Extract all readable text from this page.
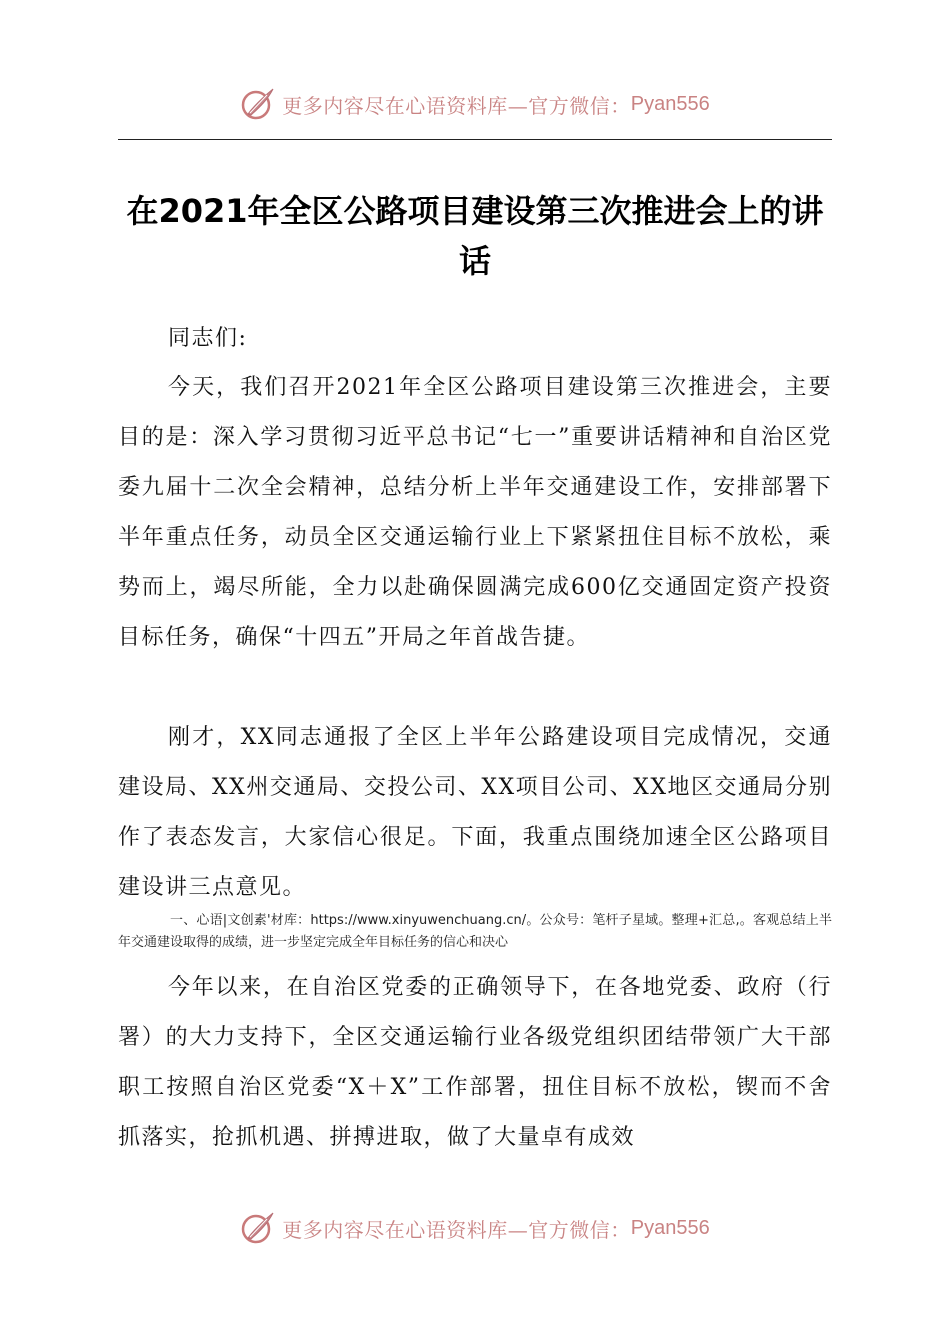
更多内容尽在心语资料库—官方微信： Pyan556
在2021年全区公路项目建设第三次推进会上的讲话

同志们:

今天，我们召开2021年全区公路项目建设第三次推进会，主要目的是：深入学习贯彻习近平总书记“七一”重要讲话精神和自治区党委九届十二次全会精神，总结分析上半年交通建设工作，安排部署下半年重点任务，动员全区交通运输行业上下紧紧扭住目标不放松，乘势而上，竭尽所能，全力以赴确保圆满完成600亿交通固定资产投资目标任务，确保“十四五”开局之年首战告捷。

刚才，XX同志通报了全区上半年公路建设项目完成情况，交通建设局、XX州交通局、交投公司、XX项目公司、XX地区交通局分别作了表态发言，大家信心很足。下面，我重点围绕加速全区公路项目建设讲三点意见。

一、心语|文创素'材库：https://www.xinyuwenchuang.cn/。公众号：笔杆子星域。整理+汇总,。客观总结上半年交通建设取得的成绩，进一步坚定完成全年目标任务的信心和决心

今年以来，在自治区党委的正确领导下，在各地党委、政府（行署）的大力支持下，全区交通运输行业各级党组织团结带领广大干部职工按照自治区党委“X＋X”工作部署，扭住目标不放松，锲而不舍抓落实，抢抓机遇、拼搏进取，做了大量卓有成效

更多内容尽在心语资料库—官方微信： Pyan556
